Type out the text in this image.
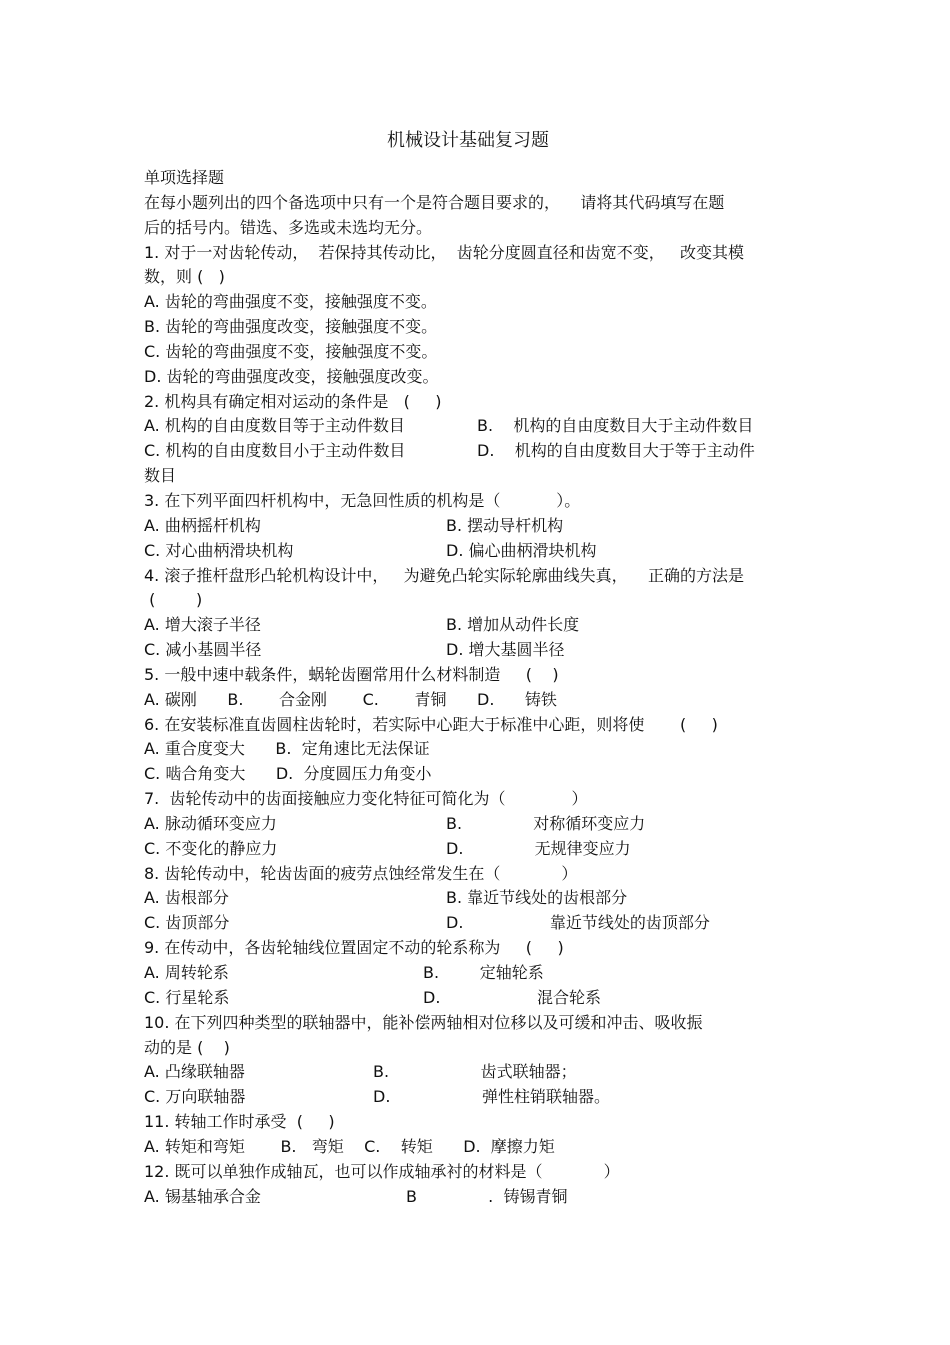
机械设计基础复习题
单项选择题
在每小题列出的四个备选项中只有一个是符合题目要求的，    请将其代码填写在题
后的括号内。错选、多选或未选均无分。
1. 对于一对齿轮传动，  若保持其传动比，  齿轮分度圆直径和齿宽不变，   改变其模
数，则 (   )
A. 齿轮的弯曲强度不变，接触强度不变。
B. 齿轮的弯曲强度改变，接触强度不变。
C. 齿轮的弯曲强度不变，接触强度不变。
D. 齿轮的弯曲强度改变，接触强度改变。
2. 机构具有确定相对运动的条件是   (     )
A. 机构的自由度数目等于主动件数目	B.    机构的自由度数目大于主动件数目
C. 机构的自由度数目小于主动件数目	D.    机构的自由度数目大于等于主动件
数目
3. 在下列平面四杆机构中，无急回性质的机构是（           ）。
A. 曲柄摇杆机构	B. 摆动导杆机构
C. 对心曲柄滑块机构	D. 偏心曲柄滑块机构
4. 滚子推杆盘形凸轮机构设计中，   为避免凸轮实际轮廓曲线失真，    正确的方法是
(        )
A. 增大滚子半径	B. 增加从动件长度
C. 减小基圆半径	D. 增大基圆半径
5. 一般中速中载条件，蜗轮齿圈常用什么材料制造     (    )
A. 碳刚      B.       合金刚       C.       青铜      D.      铸铁
6. 在安装标准直齿圆柱齿轮时，若实际中心距大于标准中心距，则将使       (     )
A. 重合度变大      B.  定角速比无法保证
C. 啮合角变大      D.  分度圆压力角变小
7.  齿轮传动中的齿面接触应力变化特征可简化为（             ）
A. 脉动循环变应力	B.              对称循环变应力
C. 不变化的静应力	D.              无规律变应力
8. 齿轮传动中，轮齿齿面的疲劳点蚀经常发生在（            ）
A. 齿根部分	B. 靠近节线处的齿根部分
C. 齿顶部分	D.                 靠近节线处的齿顶部分
9. 在传动中，各齿轮轴线位置固定不动的轮系称为     (     )
A. 周转轮系	B.        定轴轮系
C. 行星轮系	D.                   混合轮系
10. 在下列四种类型的联轴器中，能补偿两轴相对位移以及可缓和冲击、吸收振
动的是 (    )
A. 凸缘联轴器	B.                  齿式联轴器；
C. 万向联轴器	D.                  弹性柱销联轴器。
11. 转轴工作时承受  (     )
A. 转矩和弯矩       B.   弯矩    C.    转矩      D.  摩擦力矩
12. 既可以单独作成轴瓦，也可以作成轴承衬的材料是（            ）
A. 锡基轴承合金	B              .  铸锡青铜
